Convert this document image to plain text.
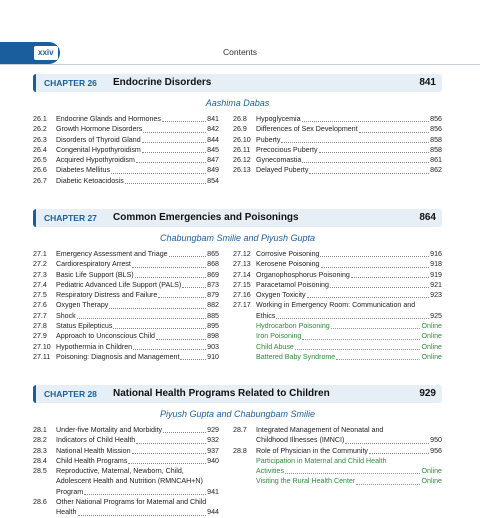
xxiv	Contents
CHAPTER 26 Endocrine Disorders	841
Aashima Dabas
26.1 Endocrine Glands and Hormones	841
26.2 Growth Hormone Disorders	842
26.3 Disorders of Thyroid Gland	844
26.4 Congenital Hypothyroidism	845
26.5 Acquired Hypothyroidism	847
26.6 Diabetes Mellitus	849
26.7 Diabetic Ketoacidosis	854
26.8 Hypoglycemia	856
26.9 Differences of Sex Development	856
26.10 Puberty	858
26.11 Precocious Puberty	858
26.12 Gynecomastia	861
26.13 Delayed Puberty	862
CHAPTER 27 Common Emergencies and Poisonings	864
Chabungbam Smilie and Piyush Gupta
27.1 Emergency Assessment and Triage	865
27.2 Cardiorespiratory Arrest	868
27.3 Basic Life Support (BLS)	869
27.4 Pediatric Advanced Life Support (PALS)	873
27.5 Respiratory Distress and Failure	879
27.6 Oxygen Therapy	882
27.7 Shock	885
27.8 Status Epilepticus	895
27.9 Approach to Unconscious Child	898
27.10 Hypothermia in Children	903
27.11 Poisoning: Diagnosis and Management	910
27.12 Corrosive Poisoning	916
27.13 Kerosene Poisoning	918
27.14 Organophosphorus Poisoning	919
27.15 Paracetamol Poisoning	921
27.16 Oxygen Toxicity	923
27.17 Working in Emergency Room: Communication and
Ethics	925
Hydrocarbon Poisoning	Online
Iron Poisoning	Online
Child Abuse	Online
Battered Baby Syndrome	Online
CHAPTER 28 National Health Programs Related to Children	929
Piyush Gupta and Chabungbam Smilie
28.1 Under-five Mortality and Morbidity	929
28.2 Indicators of Child Health	932
28.3 National Health Mission	937
28.4 Child Health Programs	940
28.5 Reproductive, Maternal, Newborn, Child,
Adolescent Health and Nutrition (RMNCAH+N)
Program	941
28.6 Other National Programs for Maternal and Child
Health	944
28.7 Integrated Management of Neonatal and
Childhood Illnesses (IMNCI)	950
28.8 Role of Physician in the Community	956
Participation in Maternal and Child Health
Activities	Online
Visiting the Rural Health Center	Online
